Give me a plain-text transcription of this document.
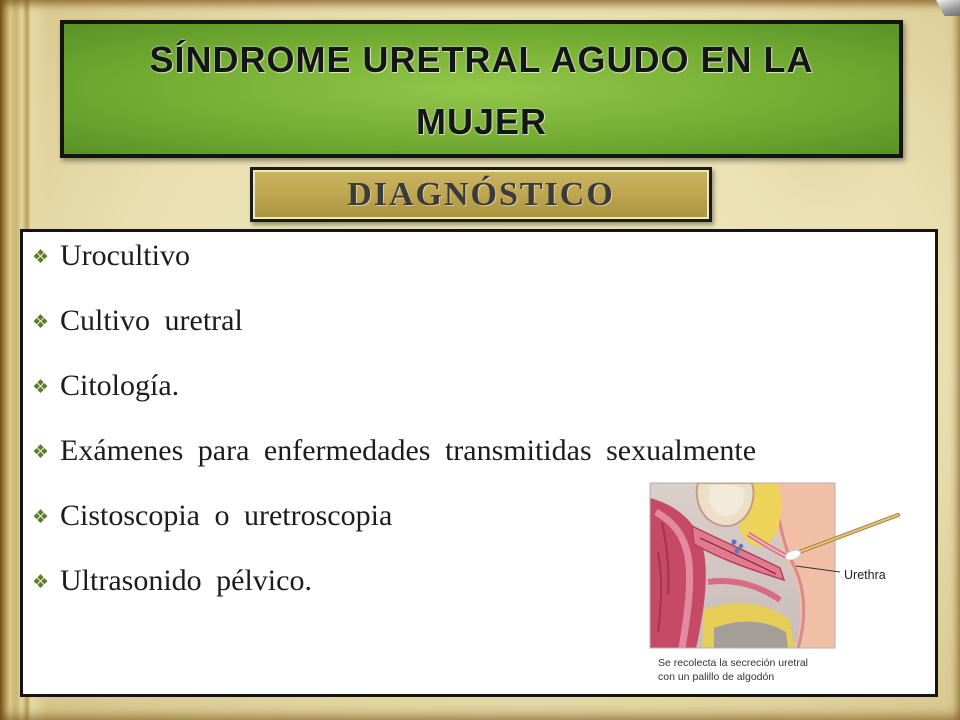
SÍNDROME URETRAL AGUDO EN LA
MUJER
DIAGNÓSTICO
❖Urocultivo
❖Cultivo uretral
❖Citología.
❖Exámenes para enfermedades transmitidas sexualmente
❖Cistoscopia o uretroscopia
❖Ultrasonido pélvico.	Urethra
Se recolecta la secreción uretral
con un palillo de algodón
